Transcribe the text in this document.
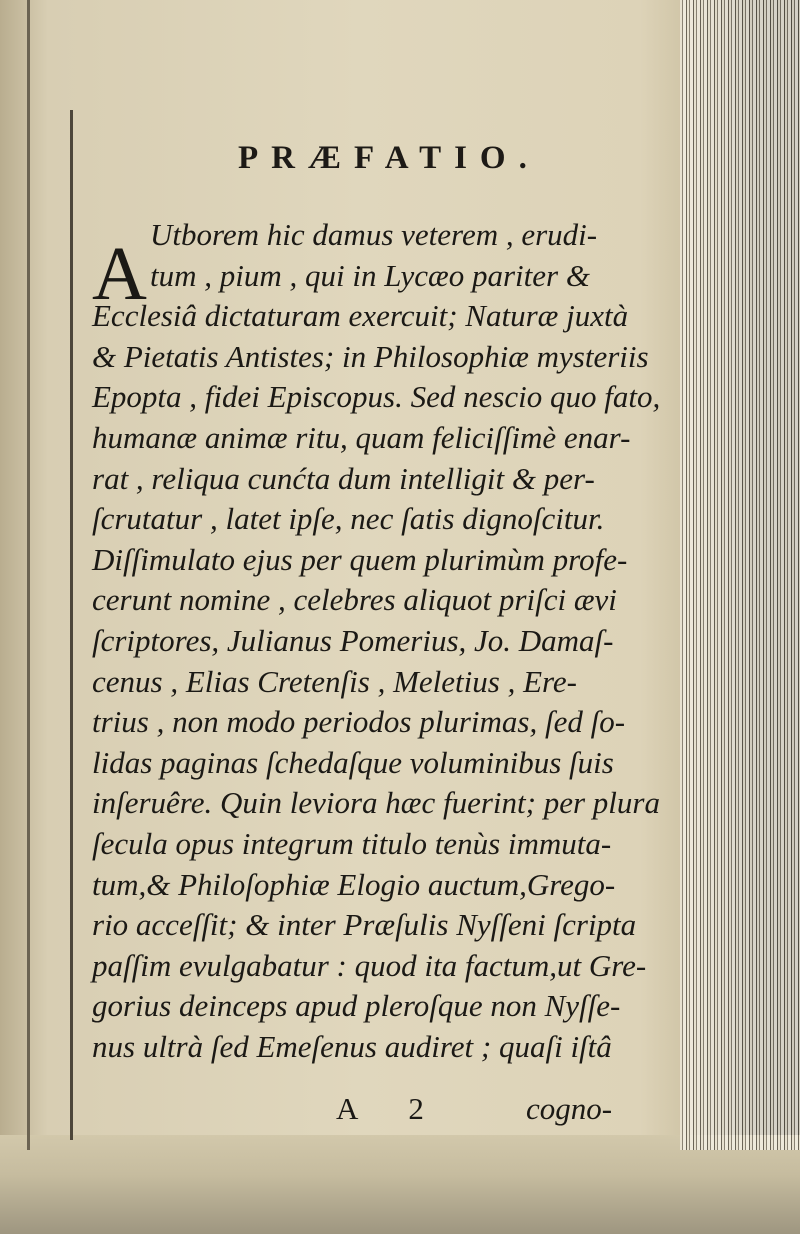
PRÆFATIO.
A Utborem hic damus veterem , erudi-
tum , pium , qui in Lycæo pariter &
Ecclesiâ dictaturam exercuit; Naturæ juxtà
& Pietatis Antistes; in Philosophiæ mysteriis
Epopta , fidei Episcopus. Sed nescio quo fato,
humanæ animæ ritu, quam feliciſſimè enar-
rat , reliqua cunćta dum intelligit & per-
ſcrutatur , latet ipſe, nec ſatis dignoſcitur.
Diſſimulato ejus per quem plurimùm profe-
cerunt nomine , celebres aliquot priſci ævi
ſcriptores, Julianus Pomerius, Jo. Damaſ-
cenus , Elias Cretenſis , Meletius , Ere-
trius , non modo periodos plurimas, ſed ſo-
lidas paginas ſchedaſque voluminibus ſuis
inſeruêre. Quin leviora hæc fuerint; per plura
ſecula opus integrum titulo tenùs immuta-
tum,& Philoſophiæ Elogio auctum,Grego-
rio acceſſit; & inter Præſulis Nyſſeni ſcripta
paſſim evulgabatur : quod ita factum,ut Gre-
gorius deinceps apud pleroſque non Nyſſe-
nus ultrà ſed Emeſenus audiret ; quaſi iſtâ
A 2	cogno-
